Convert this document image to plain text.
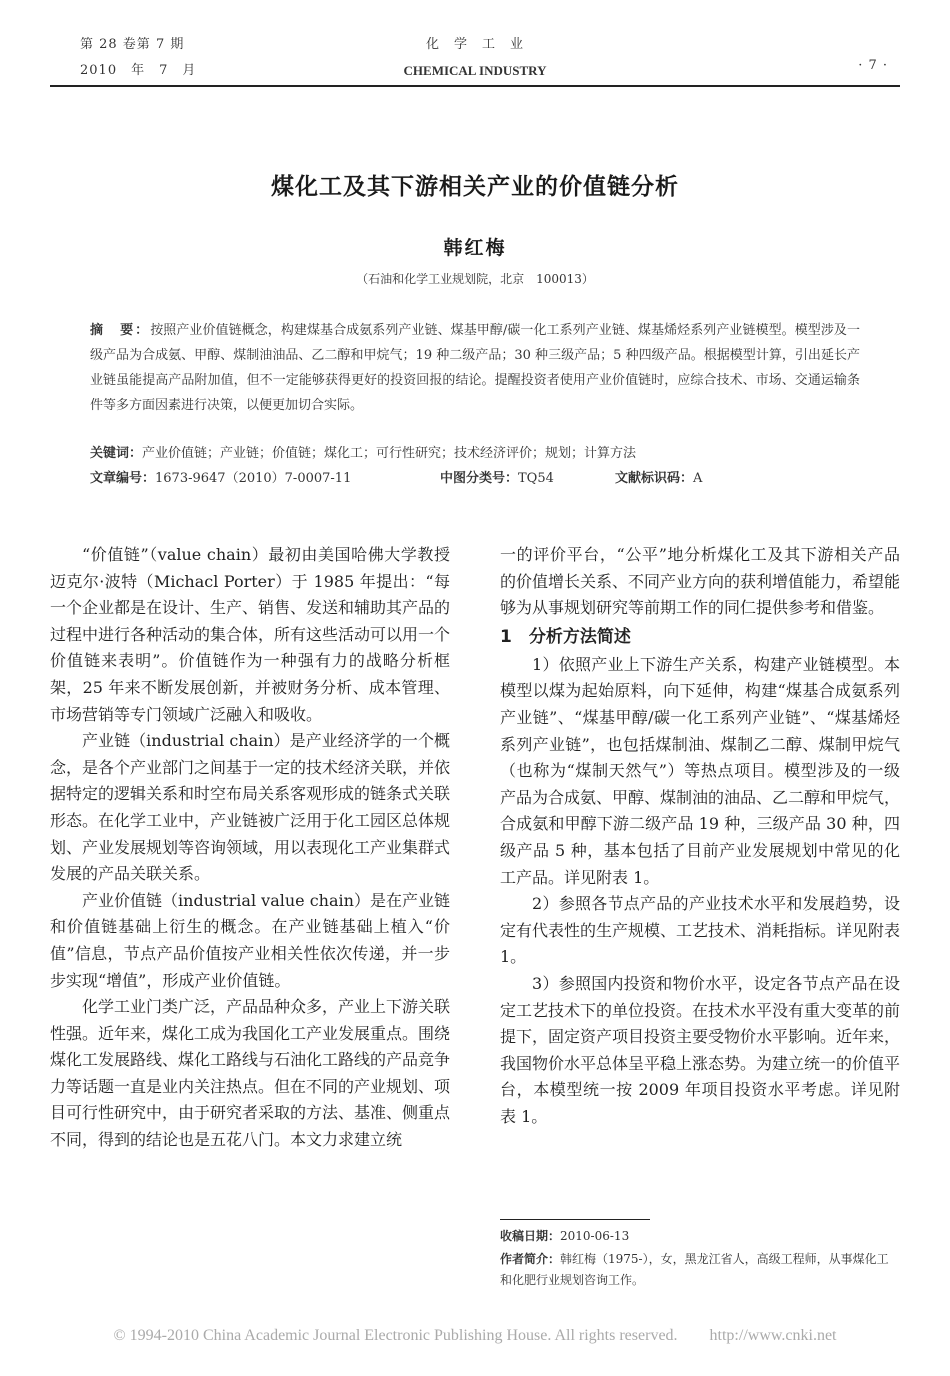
第 28 卷第 7 期
2010　年　7　月
化　学　工　业
CHEMICAL INDUSTRY	· 7 ·
煤化工及其下游相关产业的价值链分析
韩红梅
（石油和化学工业规划院，北京　100013）
摘　要：按照产业价值链概念，构建煤基合成氨系列产业链、煤基甲醇/碳一化工系列产业链、煤基烯烃系列产业链模型。模型涉及一级产品为合成氨、甲醇、煤制油油品、乙二醇和甲烷气；19 种二级产品；30 种三级产品；5 种四级产品。根据模型计算，引出延长产业链虽能提高产品附加值，但不一定能够获得更好的投资回报的结论。提醒投资者使用产业价值链时，应综合技术、市场、交通运输条件等多方面因素进行决策，以便更加切合实际。
关键词：产业价值链；产业链；价值链；煤化工；可行性研究；技术经济评价；规划；计算方法
文章编号：1673-9647（2010）7-0007-11	中图分类号：TQ54	文献标识码：A

“价值链”（value chain）最初由美国哈佛大学教授迈克尔·波特（Michacl Porter）于 1985 年提出：“每一个企业都是在设计、生产、销售、发送和辅助其产品的过程中进行各种活动的集合体，所有这些活动可以用一个价值链来表明”。价值链作为一种强有力的战略分析框架，25 年来不断发展创新，并被财务分析、成本管理、市场营销等专门领域广泛融入和吸收。

产业链（industrial chain）是产业经济学的一个概念，是各个产业部门之间基于一定的技术经济关联，并依据特定的逻辑关系和时空布局关系客观形成的链条式关联形态。在化学工业中，产业链被广泛用于化工园区总体规划、产业发展规划等咨询领域，用以表现化工产业集群式发展的产品关联关系。

产业价值链（industrial value chain）是在产业链和价值链基础上衍生的概念。在产业链基础上植入“价值”信息，节点产品价值按产业相关性依次传递，并一步步实现“增值”，形成产业价值链。

化学工业门类广泛，产品品种众多，产业上下游关联性强。近年来，煤化工成为我国化工产业发展重点。围绕煤化工发展路线、煤化工路线与石油化工路线的产品竞争力等话题一直是业内关注热点。但在不同的产业规划、项目可行性研究中，由于研究者采取的方法、基准、侧重点不同，得到的结论也是五花八门。本文力求建立统

一的评价平台，“公平”地分析煤化工及其下游相关产品的价值增长关系、不同产业方向的获利增值能力，希望能够为从事规划研究等前期工作的同仁提供参考和借鉴。

1　分析方法简述

1）依照产业上下游生产关系，构建产业链模型。本模型以煤为起始原料，向下延伸，构建“煤基合成氨系列产业链”、“煤基甲醇/碳一化工系列产业链”、“煤基烯烃系列产业链”，也包括煤制油、煤制乙二醇、煤制甲烷气（也称为“煤制天然气”）等热点项目。模型涉及的一级产品为合成氨、甲醇、煤制油的油品、乙二醇和甲烷气，合成氨和甲醇下游二级产品 19 种，三级产品 30 种，四级产品 5 种，基本包括了目前产业发展规划中常见的化工产品。详见附表 1。

2）参照各节点产品的产业技术水平和发展趋势，设定有代表性的生产规模、工艺技术、消耗指标。详见附表 1。

3）参照国内投资和物价水平，设定各节点产品在设定工艺技术下的单位投资。在技术水平没有重大变革的前提下，固定资产项目投资主要受物价水平影响。近年来，我国物价水平总体呈平稳上涨态势。为建立统一的价值平台，本模型统一按 2009 年项目投资水平考虑。详见附表 1。

收稿日期：2010-06-13
作者简介：韩红梅（1975-），女，黑龙江省人，高级工程师，从事煤化工和化肥行业规划咨询工作。
© 1994-2010 China Academic Journal Electronic Publishing House. All rights reserved.　　http://www.cnki.net
